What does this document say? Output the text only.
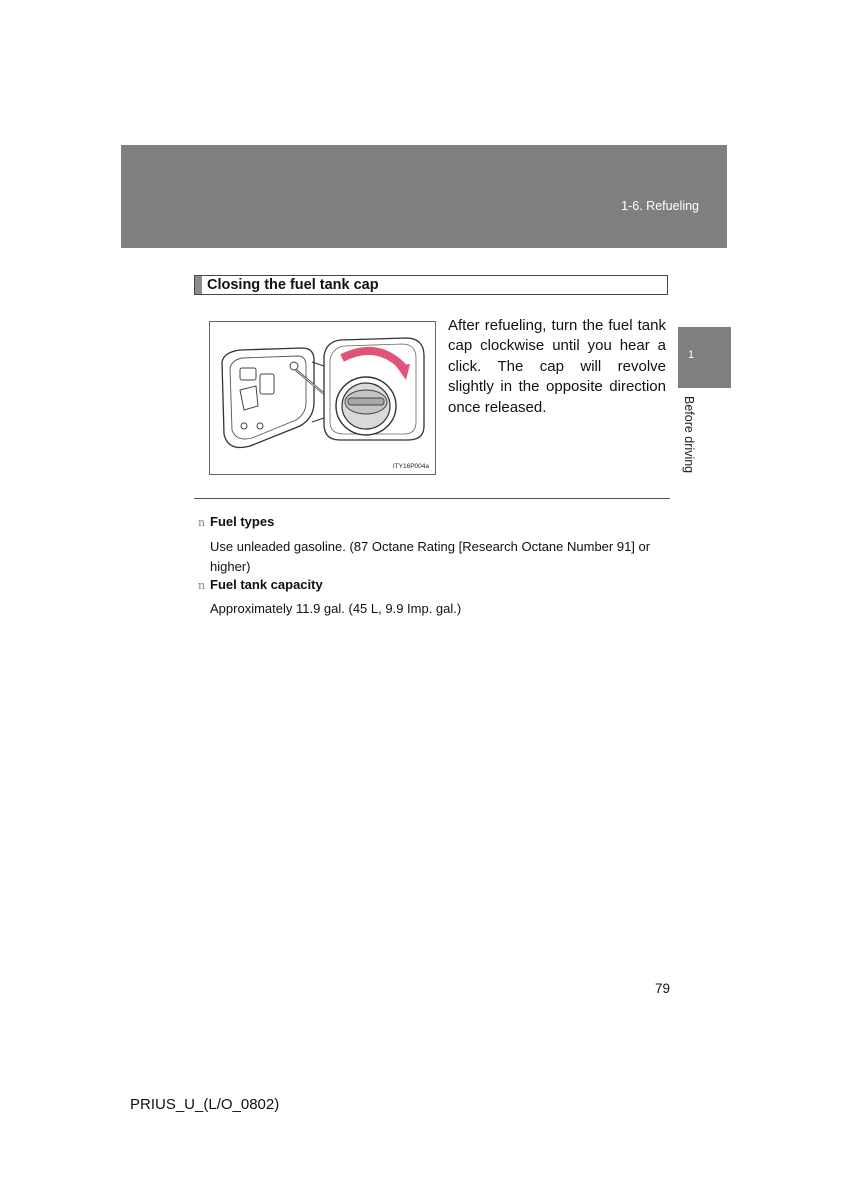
1-6. Refueling
1
Before driving
Closing the fuel tank cap
ITY16P004a
After refueling, turn the fuel tank cap clockwise until you hear a click. The cap will revolve slightly in the opposite direction once released.
n Fuel types
Use unleaded gasoline. (87 Octane Rating [Research Octane Number 91] or higher)
n Fuel tank capacity
Approximately 11.9 gal. (45 L, 9.9 Imp. gal.)
79
PRIUS_U_(L/O_0802)
